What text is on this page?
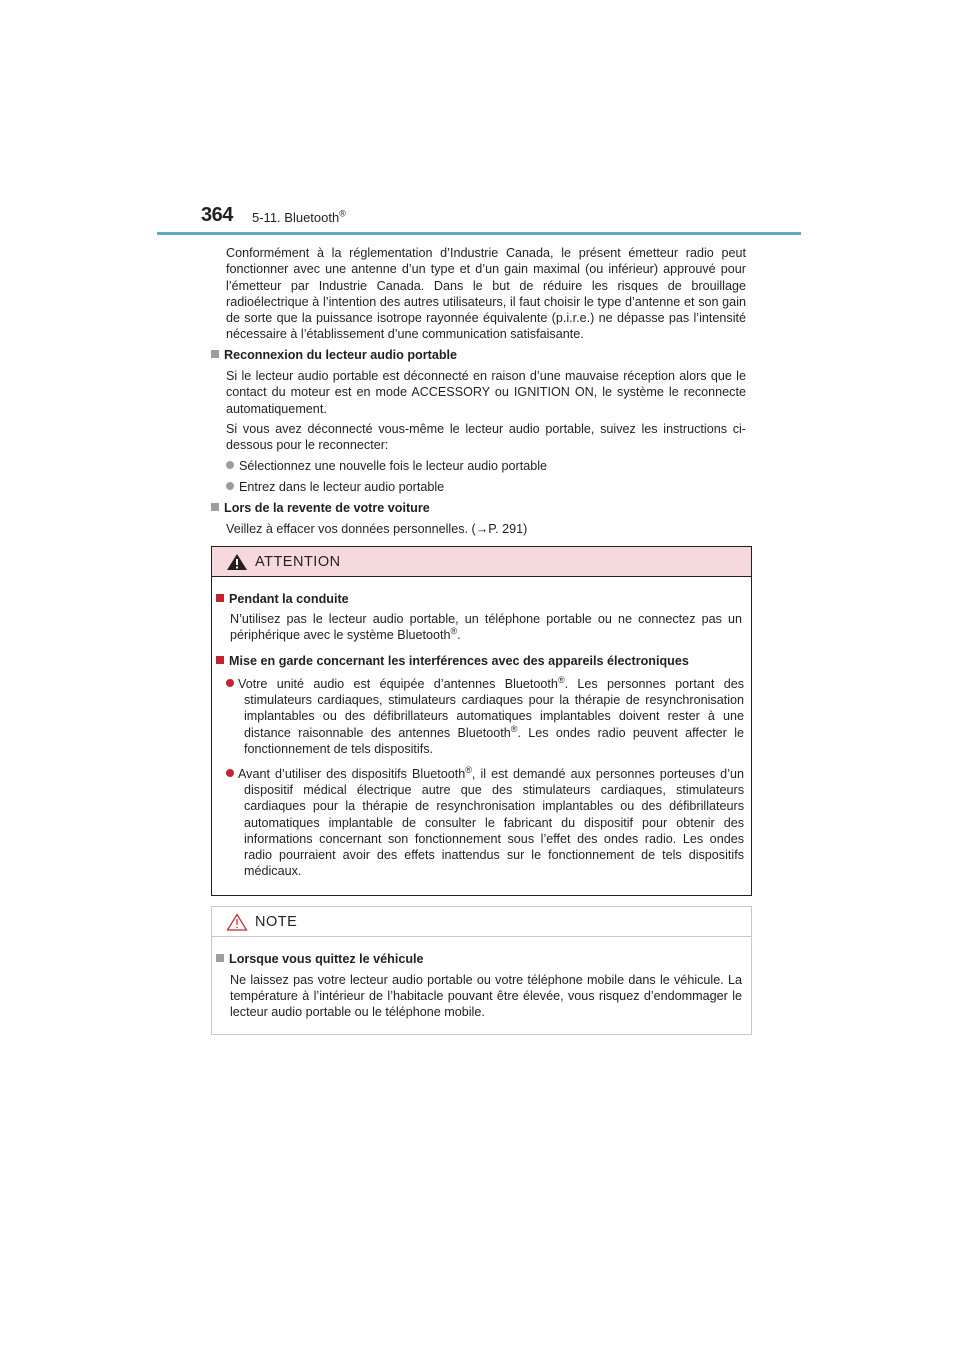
364 5-11. Bluetooth®

Conformément à la réglementation d’Industrie Canada, le présent émetteur radio peut fonctionner avec une antenne d’un type et d’un gain maximal (ou inférieur) approuvé pour l’émetteur par Industrie Canada. Dans le but de réduire les risques de brouillage radioélectrique à l’intention des autres utilisateurs, il faut choisir le type d’antenne et son gain de sorte que la puissance isotrope rayonnée équivalente (p.i.r.e.) ne dépasse pas l’intensité nécessaire à l’établissement d’une communication satisfaisante.

Reconnexion du lecteur audio portable

Si le lecteur audio portable est déconnecté en raison d’une mauvaise réception alors que le contact du moteur est en mode ACCESSORY ou IGNITION ON, le système le reconnecte automatiquement.

Si vous avez déconnecté vous-même le lecteur audio portable, suivez les instructions ci-dessous pour le reconnecter:

Sélectionnez une nouvelle fois le lecteur audio portable
Entrez dans le lecteur audio portable
Lors de la revente de votre voiture
Veillez à effacer vos données personnelles. (→P. 291)
ATTENTION
Pendant la conduite

N’utilisez pas le lecteur audio portable, un téléphone portable ou ne connectez pas un périphérique avec le système Bluetooth®.

Mise en garde concernant les interférences avec des appareils électroniques

Votre unité audio est équipée d’antennes Bluetooth®. Les personnes portant des stimulateurs cardiaques, stimulateurs cardiaques pour la thérapie de resynchronisation implantables ou des défibrillateurs automatiques implantables doivent rester à une distance raisonnable des antennes Bluetooth®. Les ondes radio peuvent affecter le fonctionnement de tels dispositifs.

Avant d’utiliser des dispositifs Bluetooth®, il est demandé aux personnes porteuses d’un dispositif médical électrique autre que des stimulateurs cardiaques, stimulateurs cardiaques pour la thérapie de resynchronisation implantables ou des défibrillateurs automatiques implantable de consulter le fabricant du dispositif pour obtenir des informations concernant son fonctionnement sous l’effet des ondes radio. Les ondes radio pourraient avoir des effets inattendus sur le fonctionnement de tels dispositifs médicaux.

NOTE
Lorsque vous quittez le véhicule

Ne laissez pas votre lecteur audio portable ou votre téléphone mobile dans le véhicule. La température à l’intérieur de l’habitacle pouvant être élevée, vous risquez d’endommager le lecteur audio portable ou le téléphone mobile.
